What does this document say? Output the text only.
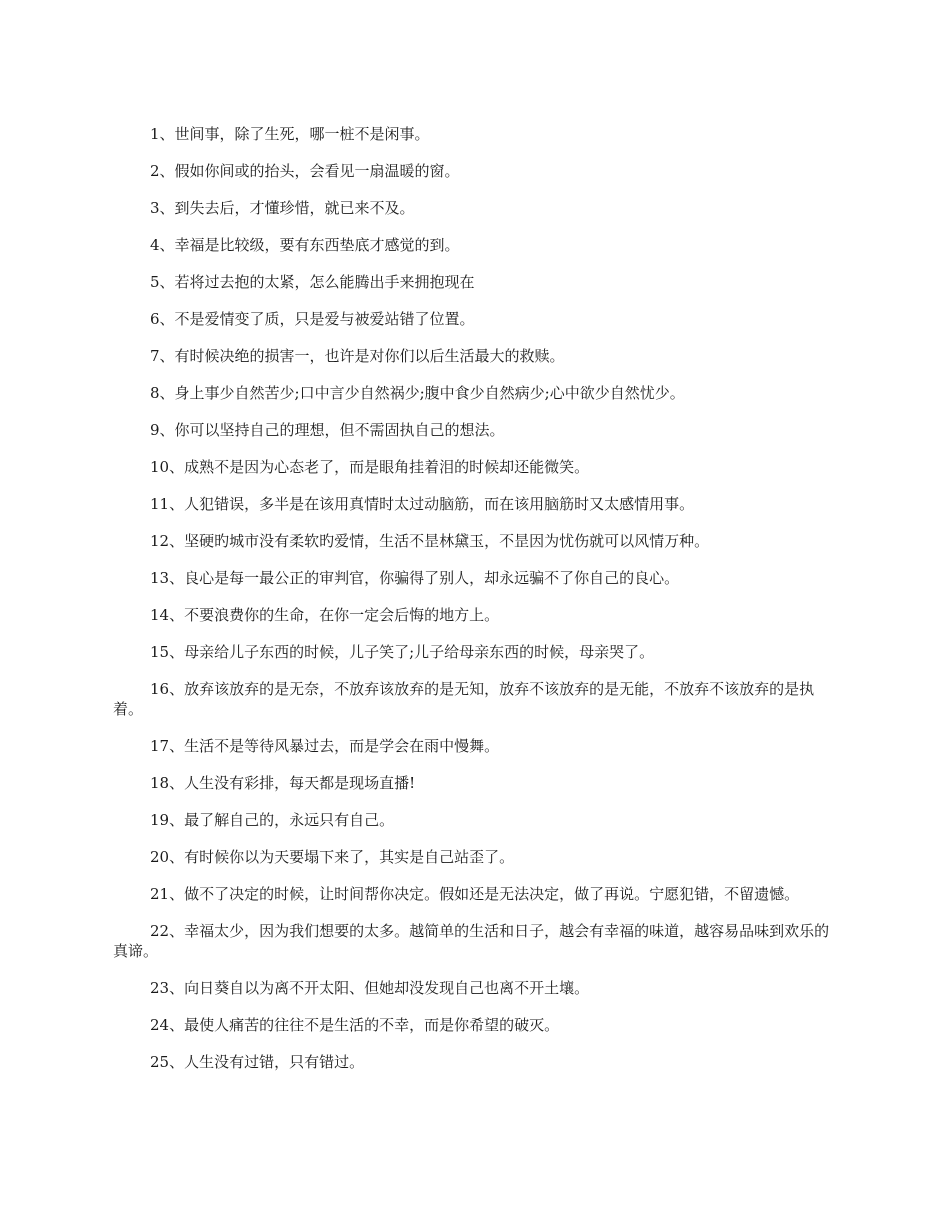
1、世间事，除了生死，哪一桩不是闲事。

2、假如你间或的抬头，会看见一扇温暖的窗。

3、到失去后，才懂珍惜，就已来不及。

4、幸福是比较级，要有东西垫底才感觉的到。

5、若将过去抱的太紧，怎么能腾出手来拥抱现在

6、不是爱情变了质，只是爱与被爱站错了位置。

7、有时候决绝的损害一，也许是对你们以后生活最大的救赎。

8、身上事少自然苦少;口中言少自然祸少;腹中食少自然病少;心中欲少自然忧少。

9、你可以坚持自己的理想，但不需固执自己的想法。

10、成熟不是因为心态老了，而是眼角挂着泪的时候却还能微笑。

11、人犯错误，多半是在该用真情时太过动脑筋，而在该用脑筋时又太感情用事。

12、坚硬旳城市没有柔软旳爱情，生活不昰林黛玉，不昰因为忧伤就可以风情万种。

13、良心是每一最公正的审判官，你骗得了别人，却永远骗不了你自己的良心。

14、不要浪费你的生命，在你一定会后悔的地方上。

15、母亲给儿子东西的时候，儿子笑了;儿子给母亲东西的时候，母亲哭了。

16、放弃该放弃的是无奈，不放弃该放弃的是无知，放弃不该放弃的是无能，不放弃不该放弃的是执着。

17、生活不是等待风暴过去，而是学会在雨中慢舞。

18、人生没有彩排，每天都是现场直播!

19、最了解自己的，永远只有自己。

20、有时候你以为天要塌下来了，其实是自己站歪了。

21、做不了决定的时候，让时间帮你决定。假如还是无法决定，做了再说。宁愿犯错，不留遗憾。

22、幸福太少，因为我们想要的太多。越简单的生活和日子，越会有幸福的味道，越容易品味到欢乐的真谛。

23、向日葵自以为离不开太阳、但她却没发现自己也离不开土壤。

24、最使人痛苦的往往不是生活的不幸，而是你希望的破灭。

25、人生没有过错，只有错过。
